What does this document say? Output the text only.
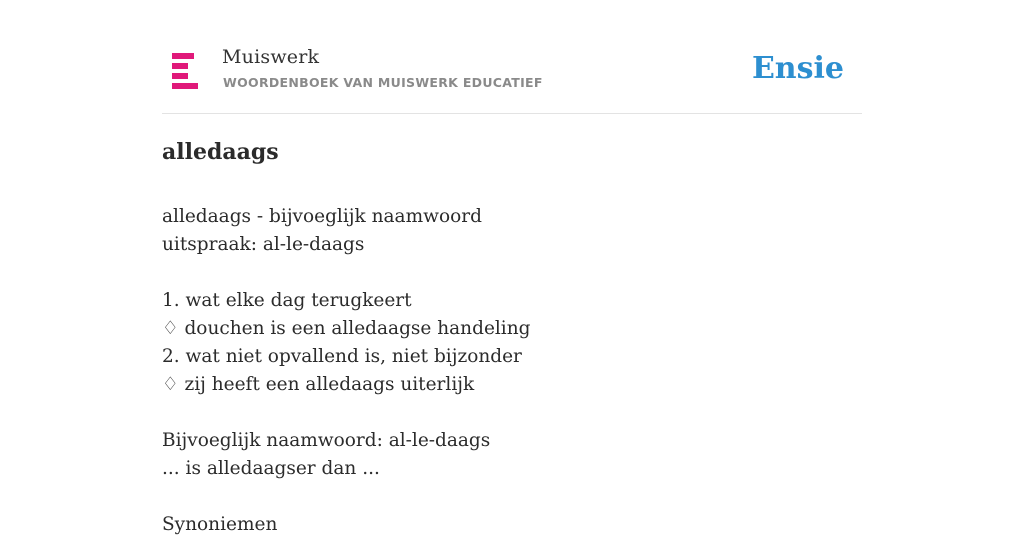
Muiswerk
WOORDENBOEK VAN MUISWERK EDUCATIEF	Ensie
alledaags
alledaags - bijvoeglijk naamwoord
uitspraak: al-le-daags
1. wat elke dag terugkeert
♢ douchen is een alledaagse handeling
2. wat niet opvallend is, niet bijzonder
♢ zij heeft een alledaags uiterlijk
Bijvoeglijk naamwoord: al-le-daags
... is alledaagser dan ...
Synoniemen
